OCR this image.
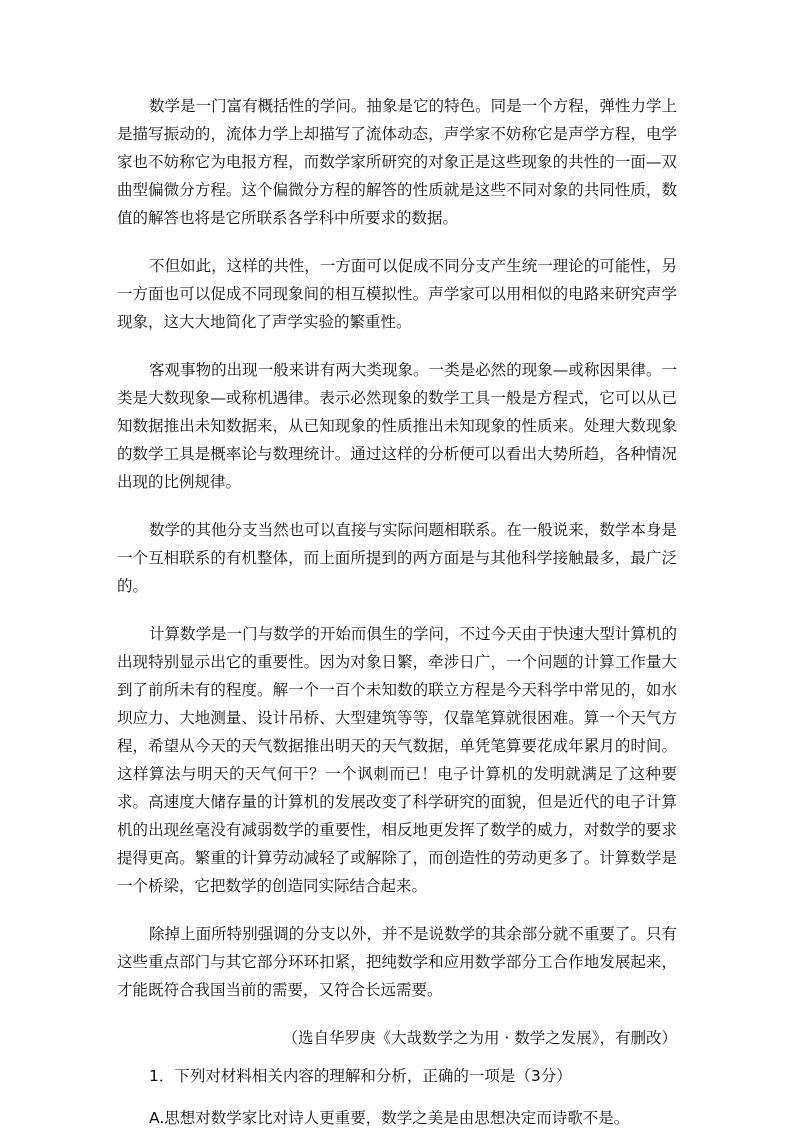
数学是一门富有概括性的学问。抽象是它的特色。同是一个方程，弹性力学上是描写振动的，流体力学上却描写了流体动态，声学家不妨称它是声学方程，电学家也不妨称它为电报方程，而数学家所研究的对象正是这些现象的共性的一面—双曲型偏微分方程。这个偏微分方程的解答的性质就是这些不同对象的共同性质，数值的解答也将是它所联系各学科中所要求的数据。

不但如此，这样的共性，一方面可以促成不同分支产生统一理论的可能性，另一方面也可以促成不同现象间的相互模拟性。声学家可以用相似的电路来研究声学现象，这大大地简化了声学实验的繁重性。

客观事物的出现一般来讲有两大类现象。一类是必然的现象—或称因果律。一类是大数现象—或称机遇律。表示必然现象的数学工具一般是方程式，它可以从已知数据推出未知数据来，从已知现象的性质推出未知现象的性质来。处理大数现象的数学工具是概率论与数理统计。通过这样的分析便可以看出大势所趋，各种情况出现的比例规律。

数学的其他分支当然也可以直接与实际问题相联系。在一般说来，数学本身是一个互相联系的有机整体，而上面所提到的两方面是与其他科学接触最多，最广泛的。

计算数学是一门与数学的开始而俱生的学问，不过今天由于快速大型计算机的出现特别显示出它的重要性。因为对象日繁，牵涉日广，一个问题的计算工作量大到了前所未有的程度。解一个一百个未知数的联立方程是今天科学中常见的，如水坝应力、大地测量、设计吊桥、大型建筑等等，仅靠笔算就很困难。算一个天气方程，希望从今天的天气数据推出明天的天气数据，单凭笔算要花成年累月的时间。这样算法与明天的天气何干？一个讽刺而已！电子计算机的发明就满足了这种要求。高速度大储存量的计算机的发展改变了科学研究的面貌，但是近代的电子计算机的出现丝毫没有减弱数学的重要性，相反地更发挥了数学的威力，对数学的要求提得更高。繁重的计算劳动减轻了或解除了，而创造性的劳动更多了。计算数学是一个桥梁，它把数学的创造同实际结合起来。

除掉上面所特别强调的分支以外，并不是说数学的其余部分就不重要了。只有这些重点部门与其它部分环环扣紧，把纯数学和应用数学部分工合作地发展起来，才能既符合我国当前的需要，又符合长远需要。

（选自华罗庚《大哉数学之为用 · 数学之发展》，有删改）

1．下列对材料相关内容的理解和分析，正确的一项是（3分）

A.思想对数学家比对诗人更重要，数学之美是由思想决定而诗歌不是。
